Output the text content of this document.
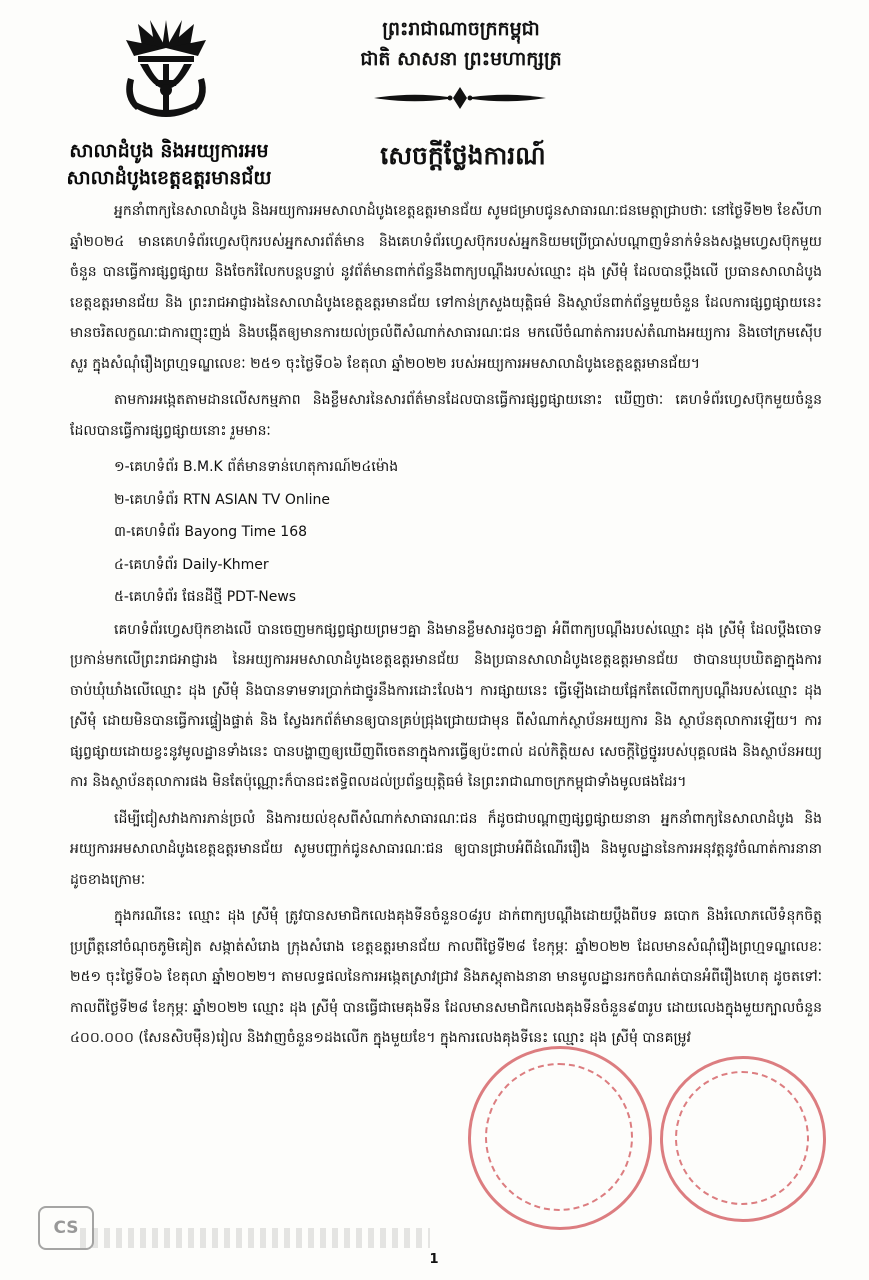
សាលាដំបូង និងអយ្យការអម
សាលាដំបូងខេត្តឧត្តរមានជ័យ
ព្រះរាជាណាចក្រកម្ពុជា
ជាតិ សាសនា ព្រះមហាក្សត្រ
សេចក្តីថ្លែងការណ៍

អ្នកនាំពាក្យនៃសាលាដំបូង និងអយ្យការអមសាលាដំបូងខេត្តឧត្តរមានជ័យ សូមជម្រាបជូនសាធារណៈជនមេត្តាជ្រាបថាៈ នៅថ្ងៃទី២២ ខែសីហា ឆ្នាំ២០២៤ មានគេហទំព័រហ្វេសប៊ុករបស់អ្នកសារព័ត៌មាន និងគេហទំព័រហ្វេសប៊ុករបស់អ្នកនិយមប្រើប្រាស់បណ្តាញទំនាក់ទំនងសង្គមហ្វេសប៊ុកមួយចំនួន បានធ្វើការផ្សព្វផ្សាយ និងចែករំលែកបន្តបន្ទាប់ នូវព័ត៌មានពាក់ព័ន្ធនឹងពាក្យបណ្តឹងរបស់ឈ្មោះ ដុង ស្រីមុំ ដែលបានប្តឹងលើ ប្រធានសាលាដំបូងខេត្តឧត្តរមានជ័យ និង ព្រះរាជអាជ្ញារងនៃសាលាដំបូងខេត្តឧត្តរមានជ័យ ទៅកាន់ក្រសួងយុត្តិធម៌ និងស្ថាប័នពាក់ព័ន្ធមួយចំនួន ដែលការផ្សព្វផ្សាយនេះ មានចរិតលក្ខណៈជាការញុះញង់ និងបង្កើតឲ្យមានការយល់ច្រលំពីសំណាក់សាធារណៈជន មកលើចំណាត់ការរបស់តំណាងអយ្យការ និងចៅក្រមស៊ើបសួរ ក្នុងសំណុំរឿងព្រហ្មទណ្ឌលេខៈ ២៥១ ចុះថ្ងៃទី០៦ ខែតុលា ឆ្នាំ២០២២ របស់អយ្យការអមសាលាដំបូងខេត្តឧត្តរមានជ័យ។

តាមការអង្កេតតាមដានលើសកម្មភាព និងខ្លឹមសារនៃសារព័ត៌មានដែលបានធ្វើការផ្សព្វផ្សាយនោះ ឃើញថាៈ គេហទំព័រហ្វេសប៊ុកមួយចំនួន ដែលបានធ្វើការផ្សព្វផ្សាយនោះ រួមមានៈ

១-គេហទំព័រ B.M.K ព័ត៌មានទាន់ហេតុការណ៍២៤ម៉ោង
២-គេហទំព័រ RTN ASIAN TV Online
៣-គេហទំព័រ Bayong Time 168
៤-គេហទំព័រ Daily-Khmer
៥-គេហទំព័រ ផែនដីថ្មី PDT-News

គេហទំព័រហ្វេសប៊ុកខាងលើ បានចេញមកផ្សព្វផ្សាយព្រមៗគ្នា និងមានខ្លឹមសារដូចៗគ្នា អំពីពាក្យបណ្តឹងរបស់ឈ្មោះ ដុង ស្រីមុំ ដែលប្តឹងចោទប្រកាន់មកលើព្រះរាជអាជ្ញារង នៃអយ្យការអមសាលាដំបូងខេត្តឧត្តរមានជ័យ និងប្រធានសាលាដំបូងខេត្តឧត្តរមានជ័យ ថាបានឃុបឃិតគ្នាក្នុងការចាប់ឃុំឃាំងលើឈ្មោះ ដុង ស្រីមុំ និងបានទាមទារប្រាក់ជាថ្នូរនឹងការដោះលែង។ ការផ្សាយនេះ ធ្វើឡើងដោយផ្អែកតែលើពាក្យបណ្តឹងរបស់ឈ្មោះ ដុង ស្រីមុំ ដោយមិនបានធ្វើការផ្ទៀងផ្ទាត់ និង ស្វែងរកព័ត៌មានឲ្យបានគ្រប់ជ្រុងជ្រោយជាមុន ពីសំណាក់ស្ថាប័នអយ្យការ និង ស្ថាប័នតុលាការឡើយ។ ការផ្សព្វផ្សាយដោយខ្វះនូវមូលដ្ឋានទាំងនេះ បានបង្ហាញឲ្យឃើញពីចេតនាក្នុងការធ្វើឲ្យប៉ះពាល់ ដល់កិត្តិយស សេចក្តីថ្លៃថ្នូររបស់បុគ្គលផង និងស្ថាប័នអយ្យការ និងស្ថាប័នតុលាការផង មិនតែប៉ុណ្ណោះក៏បានជះឥទ្ធិពលដល់ប្រព័ន្ធយុត្តិធម៌ នៃព្រះរាជាណាចក្រកម្ពុជាទាំងមូលផងដែរ។

ដើម្បីជៀសវាងការភាន់ច្រលំ និងការយល់ខុសពីសំណាក់សាធារណៈជន ក៏ដូចជាបណ្តាញផ្សព្វផ្សាយនានា អ្នកនាំពាក្យនៃសាលាដំបូង និងអយ្យការអមសាលាដំបូងខេត្តឧត្តរមានជ័យ សូមបញ្ជាក់ជូនសាធារណៈជន ឲ្យបានជ្រាបអំពីដំណើររឿង និងមូលដ្ឋាននៃការអនុវត្តនូវចំណាត់ការនានា ដូចខាងក្រោមៈ

ក្នុងករណីនេះ ឈ្មោះ ដុង ស្រីមុំ ត្រូវបានសមាជិកលេងគុងទីនចំនួន០៨រូប ដាក់ពាក្យបណ្តឹងដោយប្តឹងពីបទ ឆបោក និងរំលោភលើទំនុកចិត្ត ប្រព្រឹត្តនៅចំណុចភូមិគៀត សង្កាត់សំរោង ក្រុងសំរោង ខេត្តឧត្តរមានជ័យ កាលពីថ្ងៃទី២៨ ខែកុម្ភៈ ឆ្នាំ២០២២ ដែលមានសំណុំរឿងព្រហ្មទណ្ឌលេខៈ ២៥១ ចុះថ្ងៃទី០៦ ខែតុលា ឆ្នាំ២០២២។ តាមលទ្ធផលនៃការអង្កេតស្រាវជ្រាវ និងភស្តុតាងនានា មានមូលដ្ឋានរកចកំណត់បានអំពីរឿងហេតុ ដូចតទៅៈ កាលពីថ្ងៃទី២៨ ខែកុម្ភៈ ឆ្នាំ២០២២ ឈ្មោះ ដុង ស្រីមុំ បានធ្វើជាមេគុងទីន ដែលមានសមាជិកលេងគុងទីនចំនួន៩៣រូប ដោយលេងក្នុងមួយក្បាលចំនួន ៤០០.០០០ (សែនសិបម៉ឺន)រៀល និងវាញចំនួន១ដងលើក ក្នុងមួយខែ។ ក្នុងការលេងគុងទីនេះ ឈ្មោះ ដុង ស្រីមុំ បានគម្រូវ

CS
1
